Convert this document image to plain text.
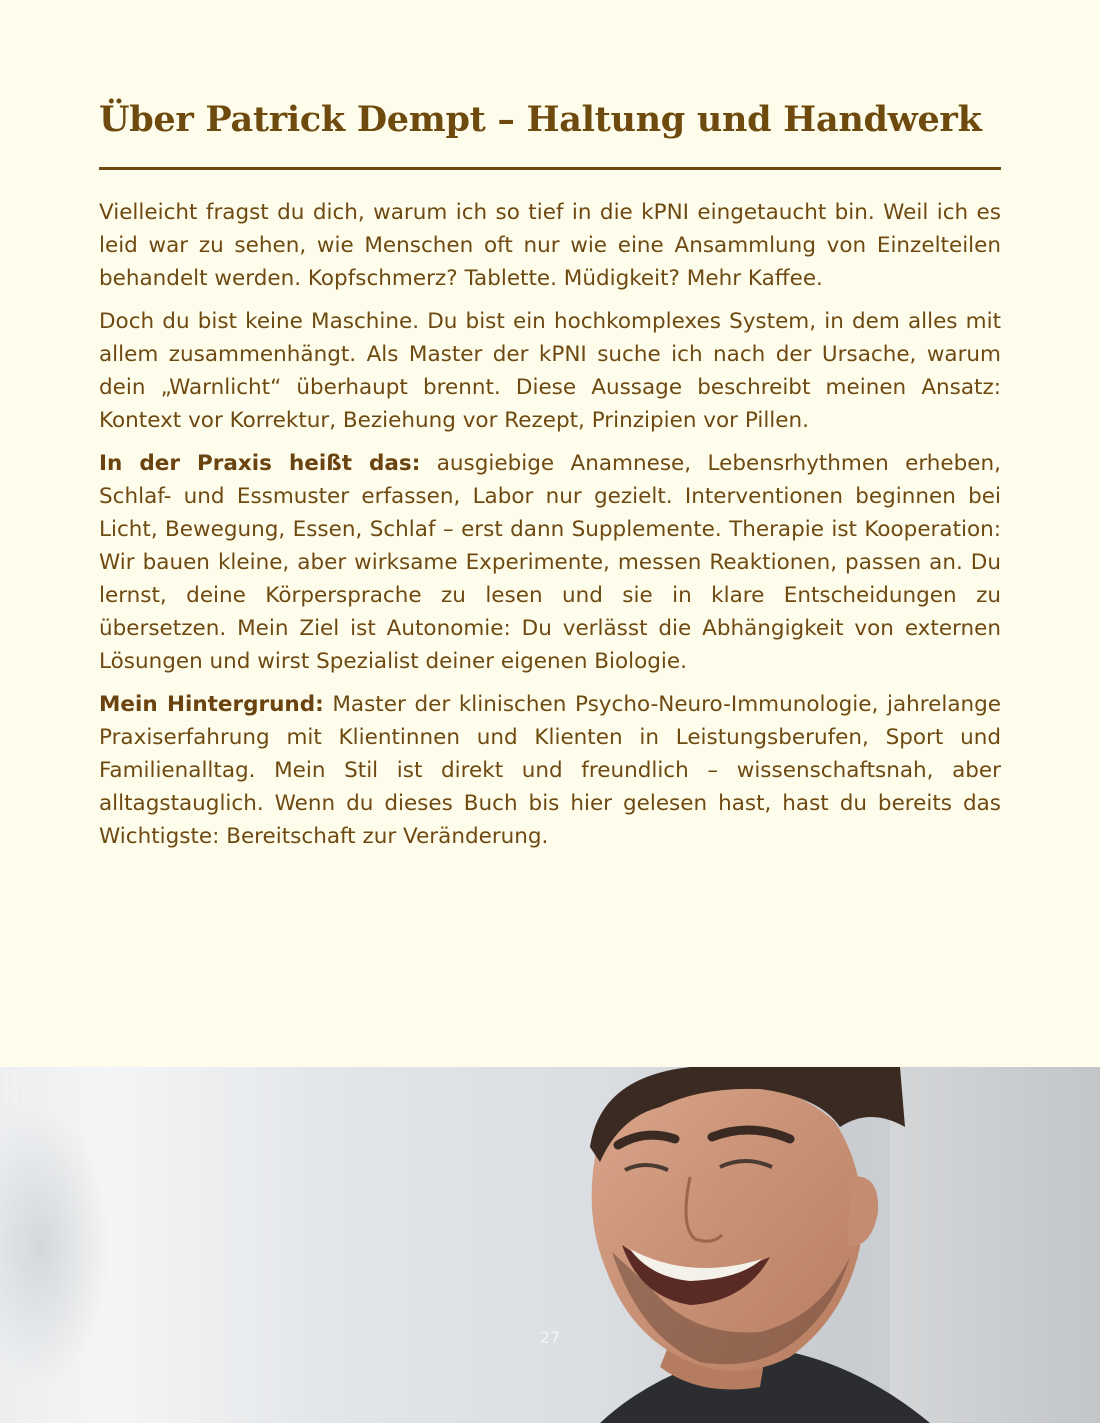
Über Patrick Dempt – Haltung und Handwerk

Vielleicht fragst du dich, warum ich so tief in die kPNI eingetaucht bin. Weil ich es leid war zu sehen, wie Menschen oft nur wie eine Ansammlung von Einzelteilen behandelt werden. Kopfschmerz? Tablette. Müdigkeit? Mehr Kaffee.

Doch du bist keine Maschine. Du bist ein hochkomplexes System, in dem alles mit allem zusammenhängt. Als Master der kPNI suche ich nach der Ursache, warum dein „Warnlicht“ überhaupt brennt. Diese Aussage beschreibt meinen Ansatz: Kontext vor Korrektur, Beziehung vor Rezept, Prinzipien vor Pillen.

In der Praxis heißt das: ausgiebige Anamnese, Lebensrhythmen erheben, Schlaf- und Essmuster erfassen, Labor nur gezielt. Interventionen beginnen bei Licht, Bewegung, Essen, Schlaf – erst dann Supplemente. Therapie ist Kooperation: Wir bauen kleine, aber wirksame Experimente, messen Reaktionen, passen an. Du lernst, deine Körpersprache zu lesen und sie in klare Entscheidungen zu übersetzen. Mein Ziel ist Autonomie: Du verlässt die Abhängigkeit von externen Lösungen und wirst Spezialist deiner eigenen Biologie.

Mein Hintergrund: Master der klinischen Psycho-Neuro-Immunologie, jahrelange Praxiserfahrung mit Klientinnen und Klienten in Leistungsberufen, Sport und Familienalltag. Mein Stil ist direkt und freundlich – wissenschaftsnah, aber alltagstauglich. Wenn du dieses Buch bis hier gelesen hast, hast du bereits das Wichtigste: Bereitschaft zur Veränderung.

27
